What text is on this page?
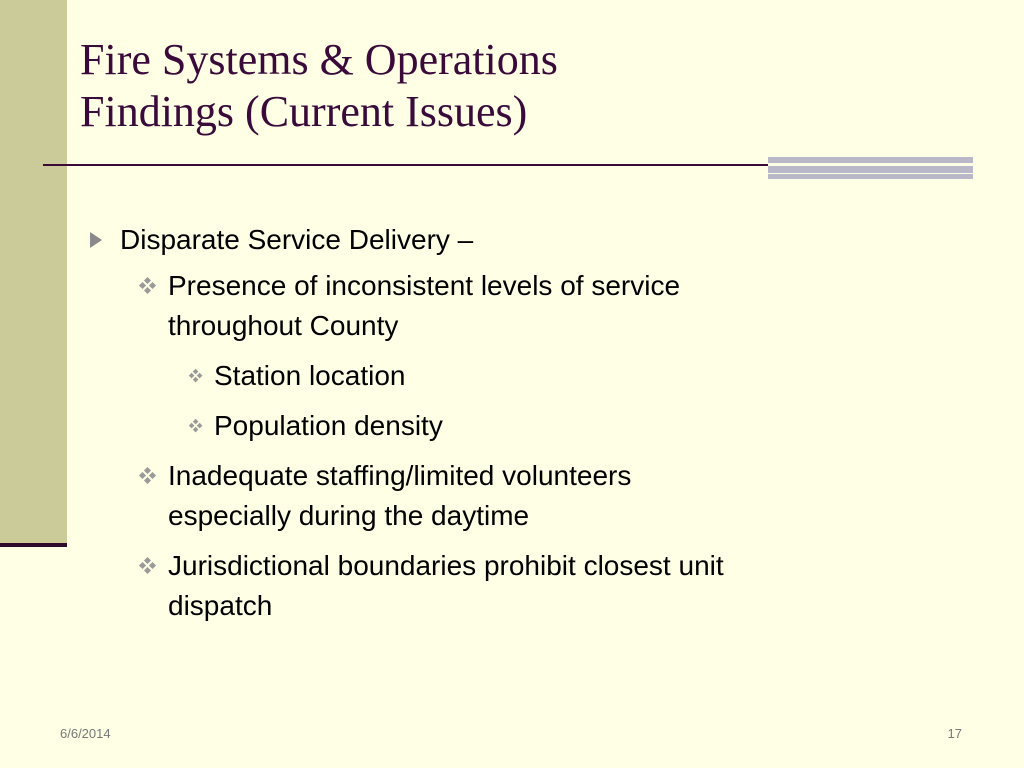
Fire Systems & Operations
Findings (Current Issues)
Disparate Service Delivery –
Presence of inconsistent levels of service
throughout County
Station location
Population density
Inadequate staffing/limited volunteers
especially during the daytime
Jurisdictional boundaries prohibit closest unit
dispatch
6/6/2014	17
